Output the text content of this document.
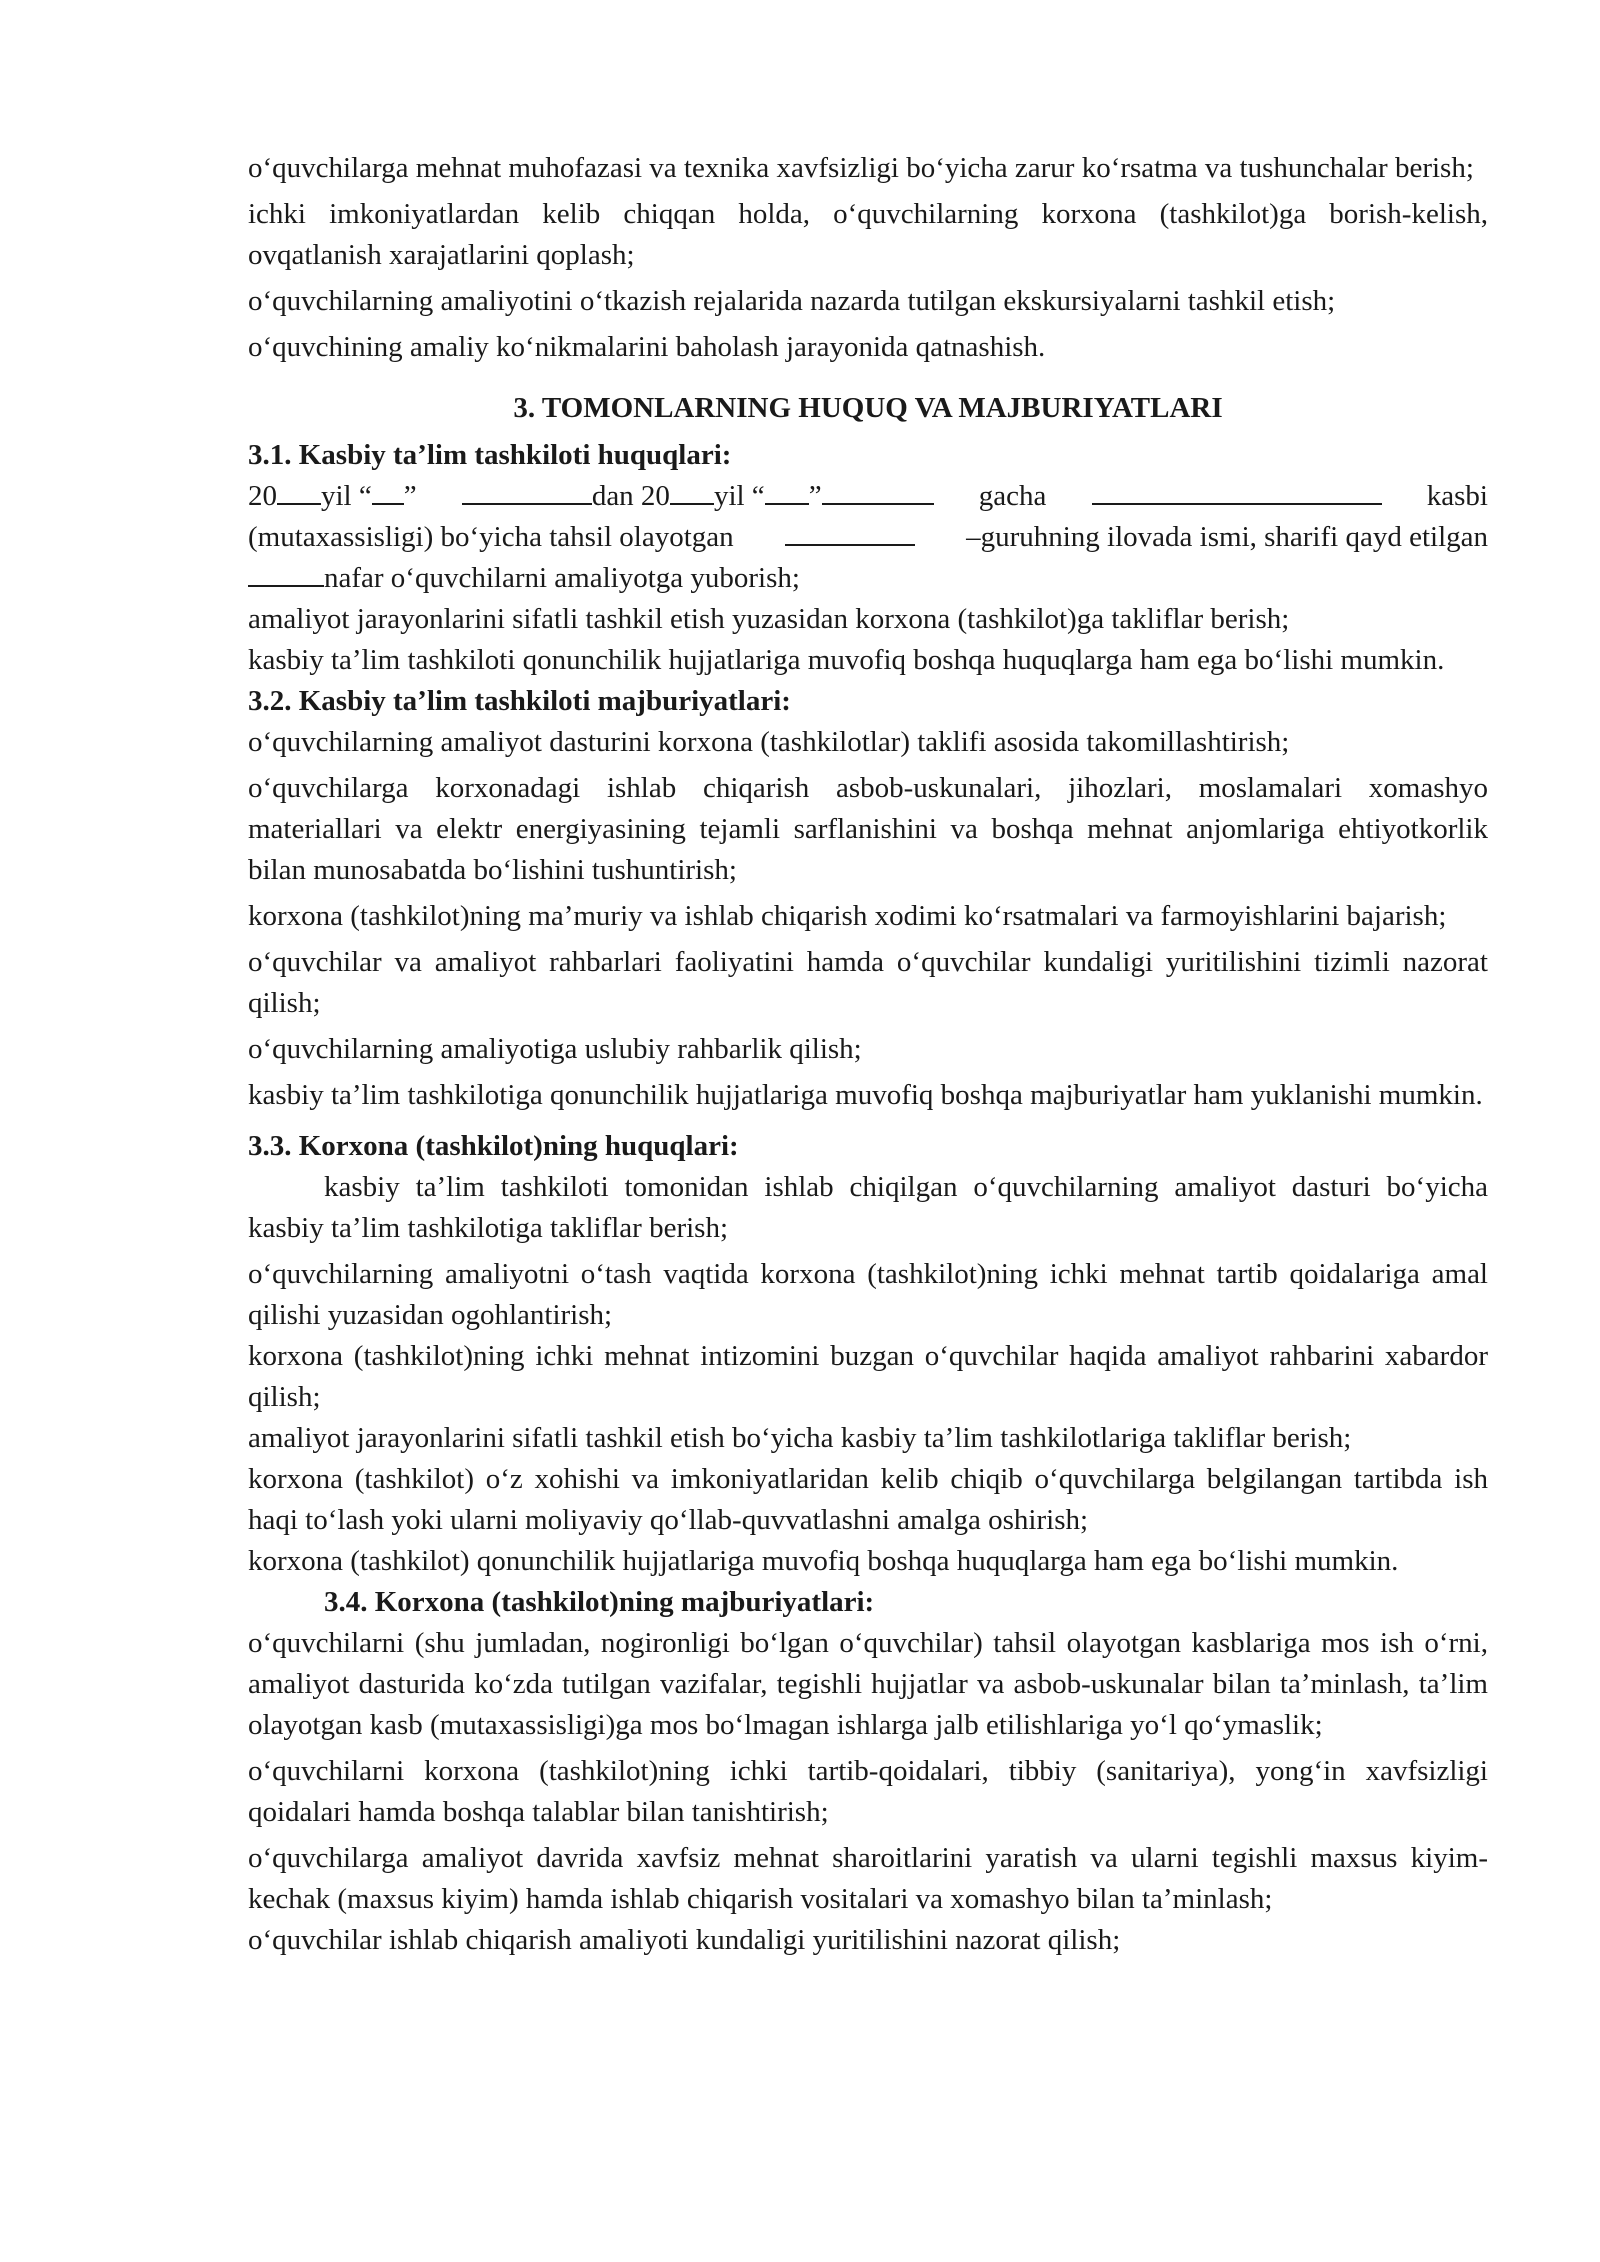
o‘quvchilarga mehnat muhofazasi va texnika xavfsizligi bo‘yicha zarur ko‘rsatma va tushunchalar berish;

ichki imkoniyatlardan kelib chiqqan holda, o‘quvchilarning korxona (tashkilot)ga borish-kelish, ovqatlanish xarajatlarini qoplash;

o‘quvchilarning amaliyotini o‘tkazish rejalarida nazarda tutilgan ekskursiyalarni tashkil etish;

o‘quvchining amaliy ko‘nikmalarini baholash jarayonida qatnashish.

3. TOMONLARNING HUQUQ VA MAJBURIYATLARI

3.1. Kasbiy ta’lim tashkiloti huquqlari:

20 yil “ ”	dan 20 yil “ ”	gacha	kasbi
(mutaxassisligi) bo‘yicha tahsil olayotgan	–guruhning ilovada ismi, sharifi qayd etilgan

nafar o‘quvchilarni amaliyotga yuborish;

amaliyot jarayonlarini sifatli tashkil etish yuzasidan korxona (tashkilot)ga takliflar berish;

kasbiy ta’lim tashkiloti qonunchilik hujjatlariga muvofiq boshqa huquqlarga ham ega bo‘lishi mumkin.

3.2. Kasbiy ta’lim tashkiloti majburiyatlari:

o‘quvchilarning amaliyot dasturini korxona (tashkilotlar) taklifi asosida takomillashtirish;

o‘quvchilarga korxonadagi ishlab chiqarish asbob-uskunalari, jihozlari, moslamalari xomashyo materiallari va elektr energiyasining tejamli sarflanishini va boshqa mehnat anjomlariga ehtiyotkorlik bilan munosabatda bo‘lishini tushuntirish;

korxona (tashkilot)ning ma’muriy va ishlab chiqarish xodimi ko‘rsatmalari va farmoyishlarini bajarish;

o‘quvchilar va amaliyot rahbarlari faoliyatini hamda o‘quvchilar kundaligi yuritilishini tizimli nazorat qilish;

o‘quvchilarning amaliyotiga uslubiy rahbarlik qilish;

kasbiy ta’lim tashkilotiga qonunchilik hujjatlariga muvofiq boshqa majburiyatlar ham yuklanishi mumkin.

3.3. Korxona (tashkilot)ning huquqlari:

kasbiy ta’lim tashkiloti tomonidan ishlab chiqilgan o‘quvchilarning amaliyot dasturi bo‘yicha kasbiy ta’lim tashkilotiga takliflar berish;

o‘quvchilarning amaliyotni o‘tash vaqtida korxona (tashkilot)ning ichki mehnat tartib qoidalariga amal qilishi yuzasidan ogohlantirish;

korxona (tashkilot)ning ichki mehnat intizomini buzgan o‘quvchilar haqida amaliyot rahbarini xabardor qilish;

amaliyot jarayonlarini sifatli tashkil etish bo‘yicha kasbiy ta’lim tashkilotlariga takliflar berish;

korxona (tashkilot) o‘z xohishi va imkoniyatlaridan kelib chiqib o‘quvchilarga belgilangan tartibda ish haqi to‘lash yoki ularni moliyaviy qo‘llab-quvvatlashni amalga oshirish;

korxona (tashkilot) qonunchilik hujjatlariga muvofiq boshqa huquqlarga ham ega bo‘lishi mumkin.

3.4. Korxona (tashkilot)ning majburiyatlari:

o‘quvchilarni (shu jumladan, nogironligi bo‘lgan o‘quvchilar) tahsil olayotgan kasblariga mos ish o‘rni, amaliyot dasturida ko‘zda tutilgan vazifalar, tegishli hujjatlar va asbob-uskunalar bilan ta’minlash, ta’lim olayotgan kasb (mutaxassisligi)ga mos bo‘lmagan ishlarga jalb etilishlariga yo‘l qo‘ymaslik;

o‘quvchilarni korxona (tashkilot)ning ichki tartib-qoidalari, tibbiy (sanitariya), yong‘in xavfsizligi qoidalari hamda boshqa talablar bilan tanishtirish;

o‘quvchilarga amaliyot davrida xavfsiz mehnat sharoitlarini yaratish va ularni tegishli maxsus kiyim-kechak (maxsus kiyim) hamda ishlab chiqarish vositalari va xomashyo bilan ta’minlash;

o‘quvchilar ishlab chiqarish amaliyoti kundaligi yuritilishini nazorat qilish;
